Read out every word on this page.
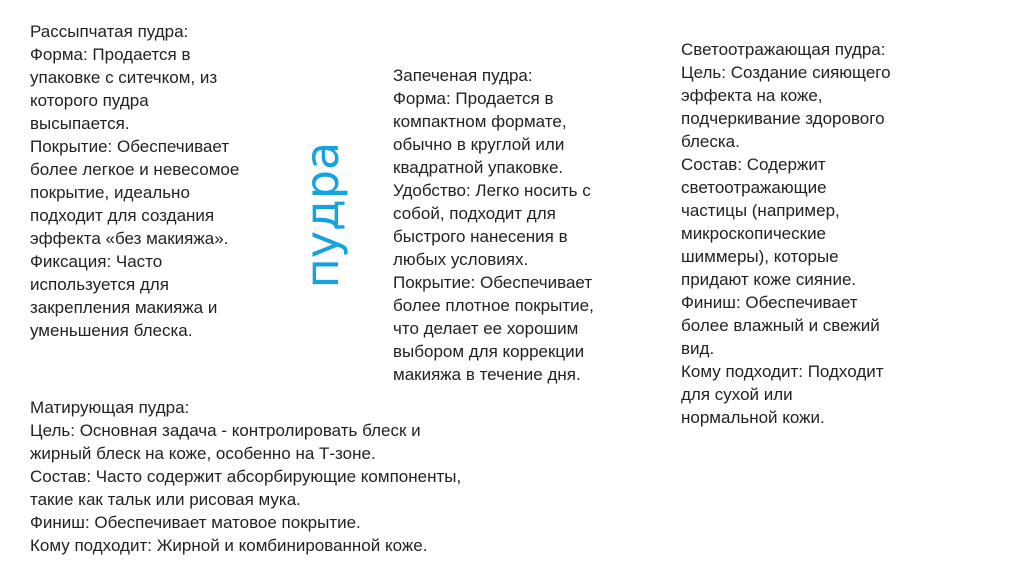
пудра
Рассыпчатая пудра:
Форма: Продается в
упаковке с ситечком, из
которого пудра
высыпается.
Покрытие: Обеспечивает
более легкое и невесомое
покрытие, идеально
подходит для создания
эффекта «без макияжа».
Фиксация: Часто
используется для
закрепления макияжа и
уменьшения блеска.
Запеченая пудра:
Форма: Продается в
компактном формате,
обычно в круглой или
квадратной упаковке.
Удобство: Легко носить с
собой, подходит для
быстрого нанесения в
любых условиях.
Покрытие: Обеспечивает
более плотное покрытие,
что делает ее хорошим
выбором для коррекции
макияжа в течение дня.
Светоотражающая пудра:
Цель: Создание сияющего
эффекта на коже,
подчеркивание здорового
блеска.
Состав: Содержит
светоотражающие
частицы (например,
микроскопические
шиммеры), которые
придают коже сияние.
Финиш: Обеспечивает
более влажный и свежий
вид.
Кому подходит: Подходит
для сухой или
нормальной кожи.
Матирующая пудра:
Цель: Основная задача - контролировать блеск и
жирный блеск на коже, особенно на Т-зоне.
Состав: Часто содержит абсорбирующие компоненты,
такие как тальк или рисовая мука.
Финиш: Обеспечивает матовое покрытие.
Кому подходит: Жирной и комбинированной коже.
